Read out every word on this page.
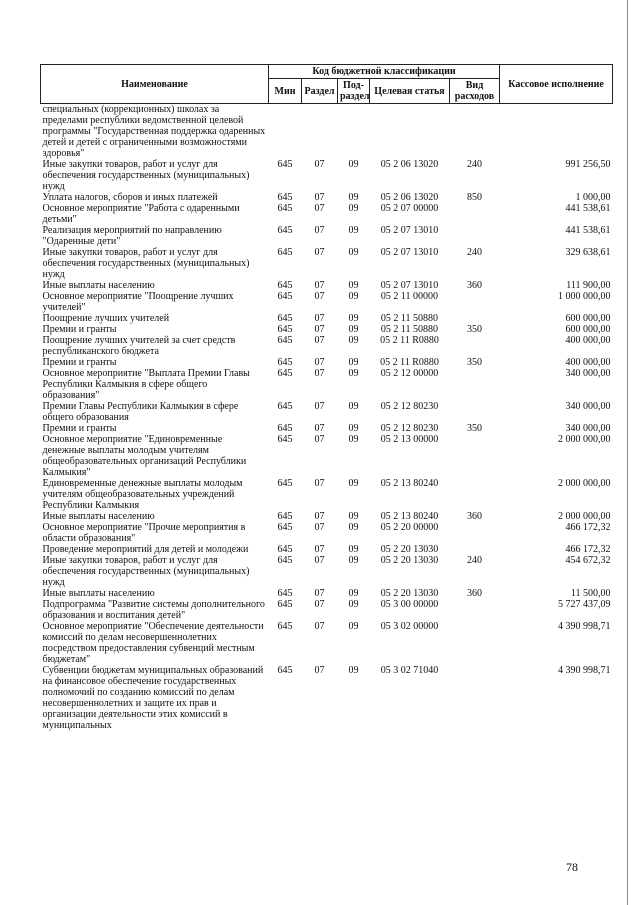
Наименование	Код бюджетной классификации					Кассовое исполнение
	Мин	Раздел	Под-раздел	Целевая статья	Вид расходов	
специальных (коррекционных) школах за пределами республики ведомственной целевой программы "Государственная поддержка одаренных детей и детей с ограниченными возможностями здоровья"						
Иные закупки товаров, работ и услуг для обеспечения государственных (муниципальных) нужд	645	07	09	05 2 06 13020	240	991 256,50
Уплата налогов, сборов и иных платежей	645	07	09	05 2 06 13020	850	1 000,00
Основное мероприятие "Работа с одаренными детьми"	645	07	09	05 2 07 00000		441 538,61
Реализация мероприятий по направлению "Одаренные дети"	645	07	09	05 2 07 13010		441 538,61
Иные закупки товаров, работ и услуг для обеспечения государственных (муниципальных) нужд	645	07	09	05 2 07 13010	240	329 638,61
Иные выплаты населению	645	07	09	05 2 07 13010	360	111 900,00
Основное мероприятие "Поощрение лучших учителей"	645	07	09	05 2 11 00000		1 000 000,00
Поощрение лучших учителей	645	07	09	05 2 11 50880		600 000,00
Премии и гранты	645	07	09	05 2 11 50880	350	600 000,00
Поощрение лучших учителей за счет средств республиканского бюджета	645	07	09	05 2 11 R0880		400 000,00
Премии и гранты	645	07	09	05 2 11 R0880	350	400 000,00
Основное мероприятие "Выплата Премии Главы Республики Калмыкия в сфере общего образования"	645	07	09	05 2 12 00000		340 000,00
Премии Главы Республики Калмыкия в сфере общего образования	645	07	09	05 2 12 80230		340 000,00
Премии и гранты	645	07	09	05 2 12 80230	350	340 000,00
Основное мероприятие "Единовременные денежные выплаты молодым учителям общеобразовательных организаций Республики Калмыкия"	645	07	09	05 2 13 00000		2 000 000,00
Единовременные денежные выплаты молодым учителям общеобразовательных учреждений Республики Калмыкия	645	07	09	05 2 13 80240		2 000 000,00
Иные выплаты населению	645	07	09	05 2 13 80240	360	2 000 000,00
Основное мероприятие "Прочие мероприятия в области образования"	645	07	09	05 2 20 00000		466 172,32
Проведение мероприятий для детей и молодежи	645	07	09	05 2 20 13030		466 172,32
Иные закупки товаров, работ и услуг для обеспечения государственных (муниципальных) нужд	645	07	09	05 2 20 13030	240	454 672,32
Иные выплаты населению	645	07	09	05 2 20 13030	360	11 500,00
Подпрограмма "Развитие системы дополнительного образования и воспитания детей"	645	07	09	05 3 00 00000		5 727 437,09
Основное мероприятие "Обеспечение деятельности комиссий по делам несовершеннолетних посредством предоставления субвенций местным бюджетам"	645	07	09	05 3 02 00000		4 390 998,71
Субвенции бюджетам муниципальных образований на финансовое обеспечение государственных полномочий по созданию комиссий по делам несовершеннолетних и защите их прав и организации деятельности этих комиссий в муниципальных	645	07	09	05 3 02 71040		4 390 998,71
78
